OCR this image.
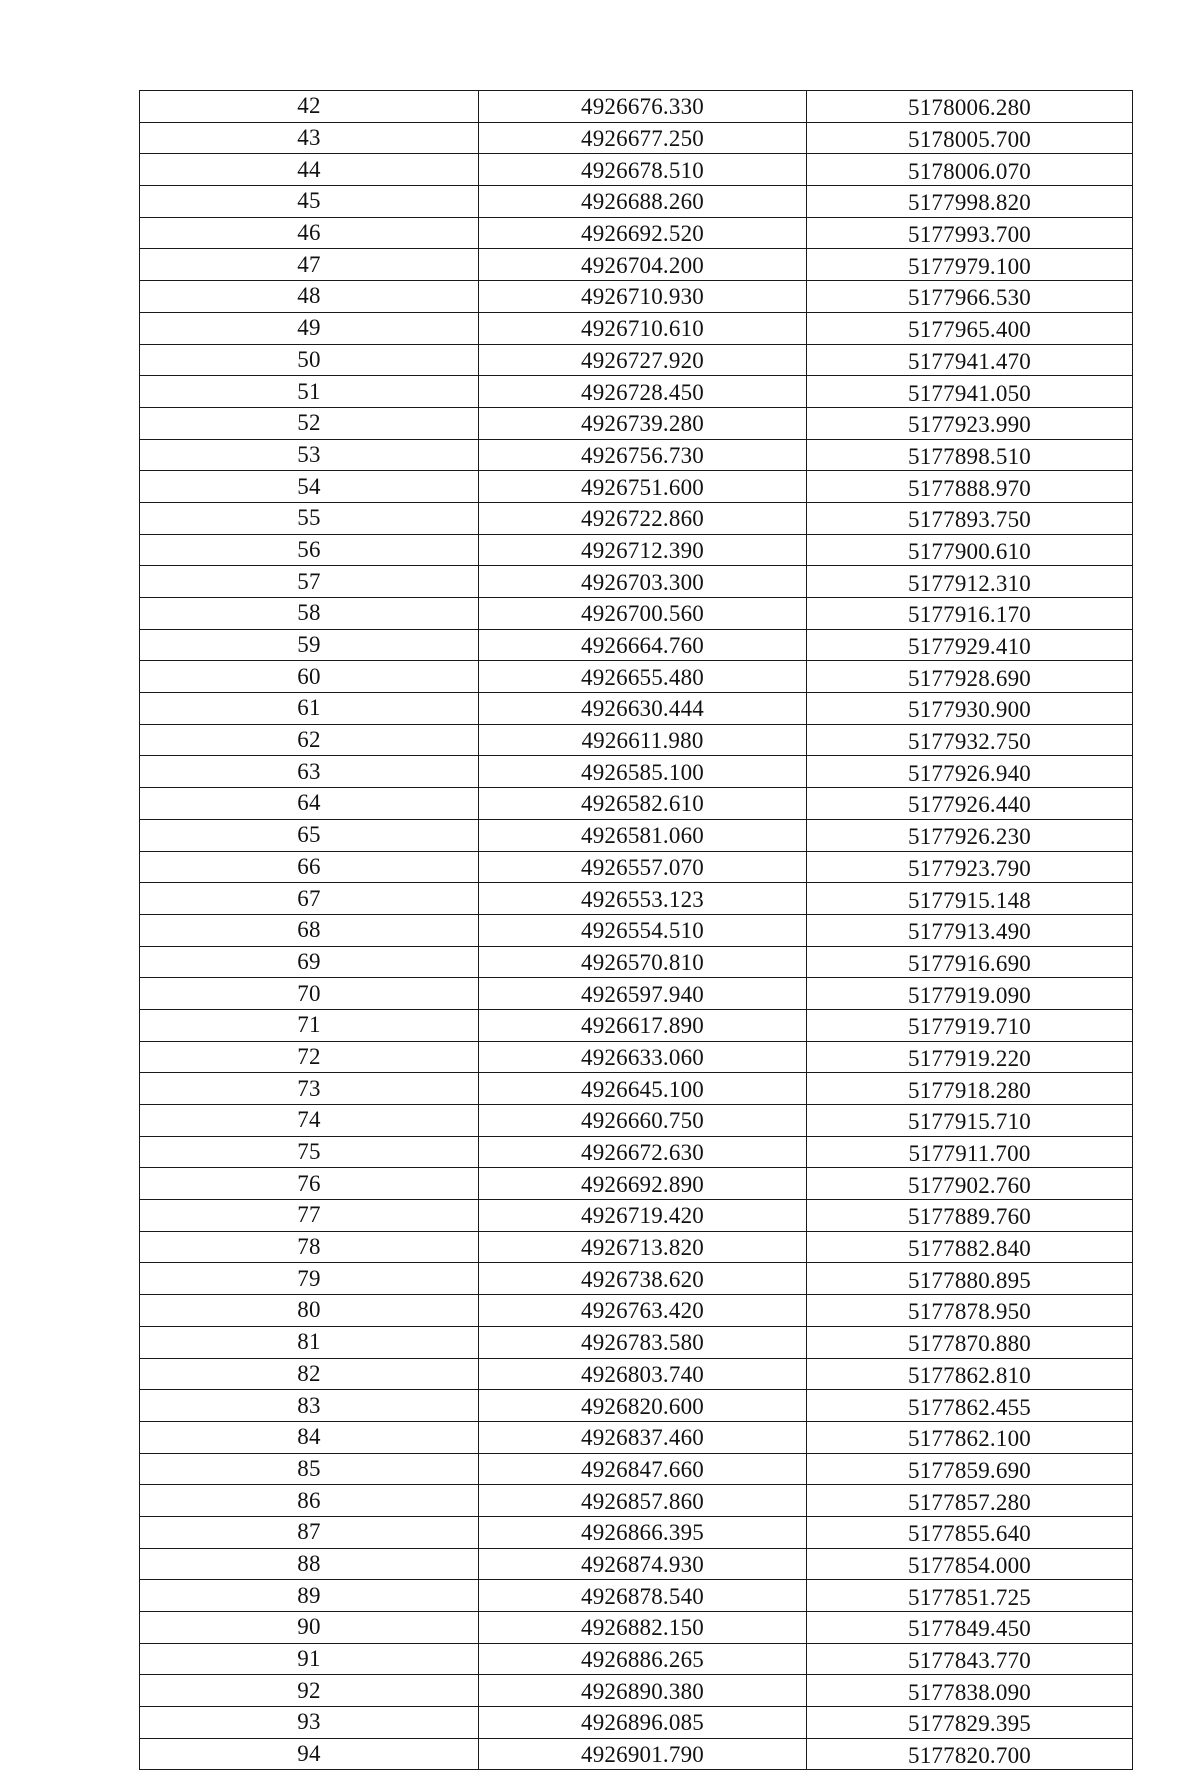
42	4926676.330	5178006.280
43	4926677.250	5178005.700
44	4926678.510	5178006.070
45	4926688.260	5177998.820
46	4926692.520	5177993.700
47	4926704.200	5177979.100
48	4926710.930	5177966.530
49	4926710.610	5177965.400
50	4926727.920	5177941.470
51	4926728.450	5177941.050
52	4926739.280	5177923.990
53	4926756.730	5177898.510
54	4926751.600	5177888.970
55	4926722.860	5177893.750
56	4926712.390	5177900.610
57	4926703.300	5177912.310
58	4926700.560	5177916.170
59	4926664.760	5177929.410
60	4926655.480	5177928.690
61	4926630.444	5177930.900
62	4926611.980	5177932.750
63	4926585.100	5177926.940
64	4926582.610	5177926.440
65	4926581.060	5177926.230
66	4926557.070	5177923.790
67	4926553.123	5177915.148
68	4926554.510	5177913.490
69	4926570.810	5177916.690
70	4926597.940	5177919.090
71	4926617.890	5177919.710
72	4926633.060	5177919.220
73	4926645.100	5177918.280
74	4926660.750	5177915.710
75	4926672.630	5177911.700
76	4926692.890	5177902.760
77	4926719.420	5177889.760
78	4926713.820	5177882.840
79	4926738.620	5177880.895
80	4926763.420	5177878.950
81	4926783.580	5177870.880
82	4926803.740	5177862.810
83	4926820.600	5177862.455
84	4926837.460	5177862.100
85	4926847.660	5177859.690
86	4926857.860	5177857.280
87	4926866.395	5177855.640
88	4926874.930	5177854.000
89	4926878.540	5177851.725
90	4926882.150	5177849.450
91	4926886.265	5177843.770
92	4926890.380	5177838.090
93	4926896.085	5177829.395
94	4926901.790	5177820.700
